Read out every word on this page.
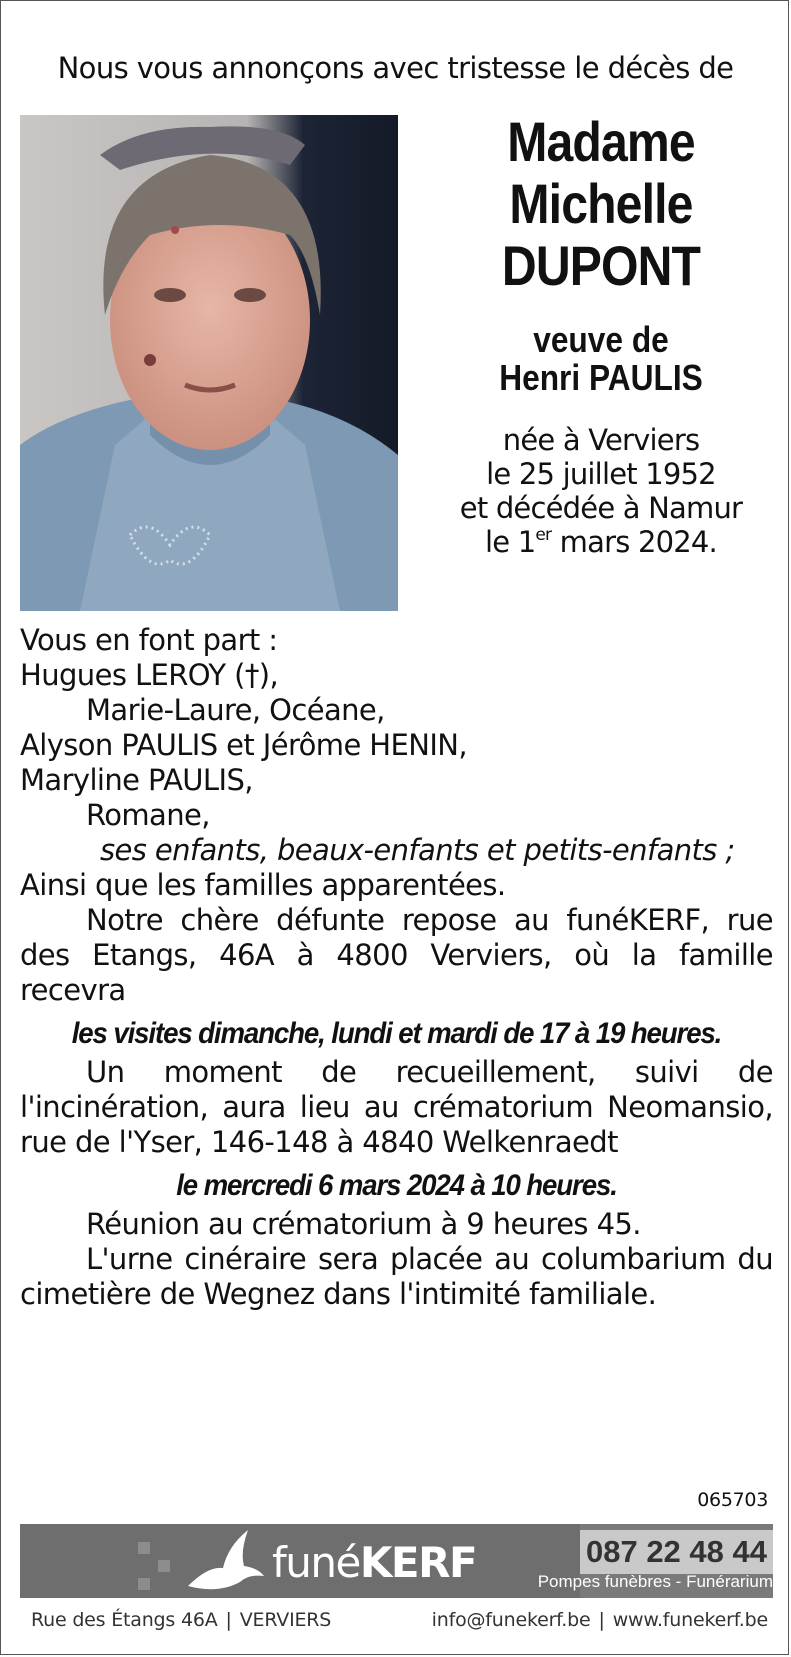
Nous vous annonçons avec tristesse le décès de
Madame
Michelle
DUPONT
veuve de
Henri PAULIS
née à Verviers
le 25 juillet 1952
et décédée à Namur
le 1er mars 2024.
Vous en font part :
Hugues LEROY (†),
Marie-Laure, Océane,
Alyson PAULIS et Jérôme HENIN,
Maryline PAULIS,
Romane,
ses enfants, beaux-enfants et petits-enfants ;
Ainsi que les familles apparentées.
Notre chère défunte repose au funéKERF, rue des Etangs, 46A à 4800 Verviers, où la famille recevra
les visites dimanche, lundi et mardi de 17 à 19 heures.
Un moment de recueillement, suivi de l'incinération, aura lieu au crématorium Neomansio, rue de l'Yser, 146-148 à 4840 Welkenraedt
le mercredi 6 mars 2024 à 10 heures.
Réunion au crématorium à 9 heures 45.
L'urne cinéraire sera placée au columbarium du cimetière de Wegnez dans l'intimité familiale.
065703
funéKERF	087 22 48 44
Pompes funèbres - Funérarium
Rue des Étangs 46A | VERVIERS	info@funekerf.be | www.funekerf.be
